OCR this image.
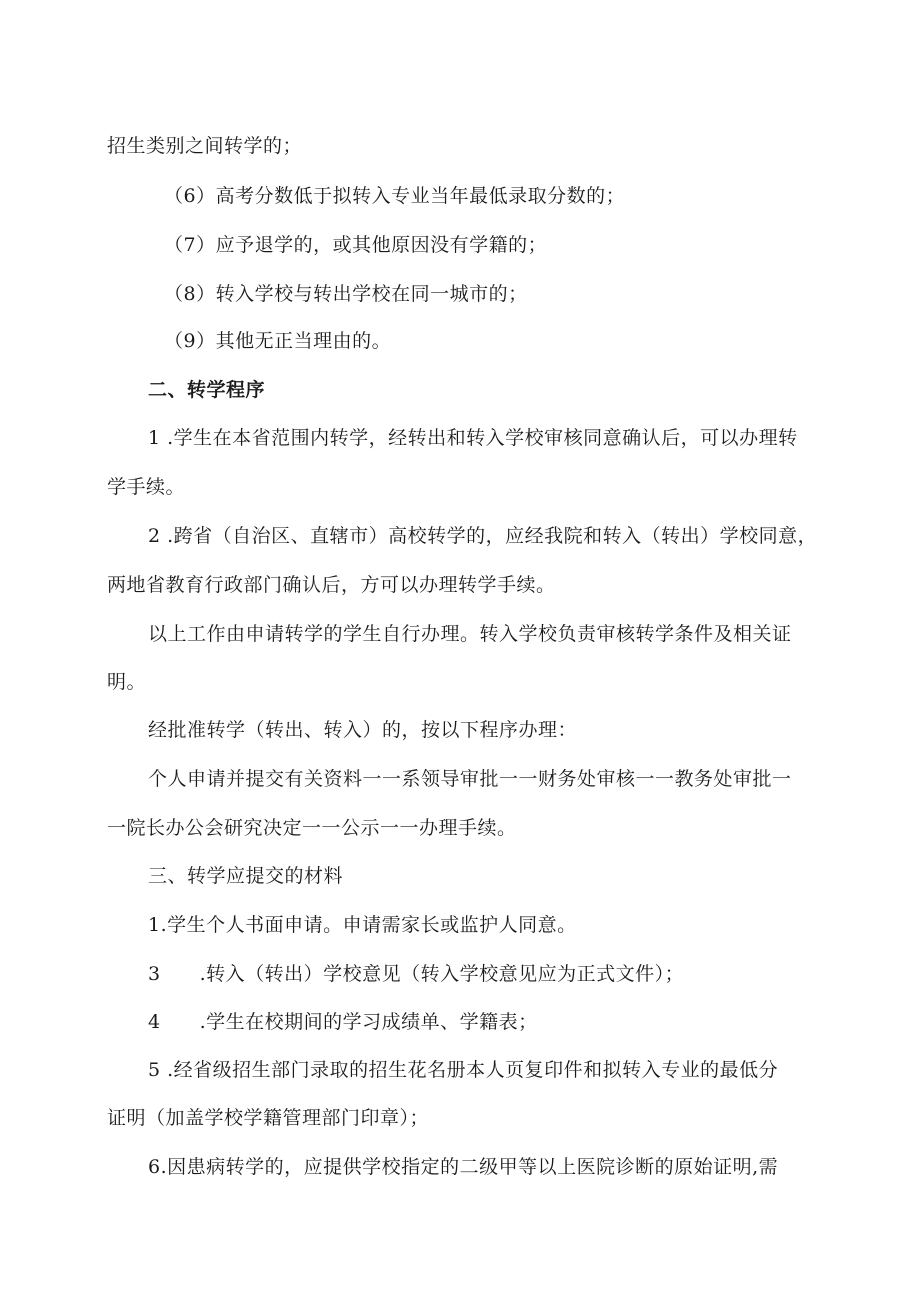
招生类别之间转学的；
（6）高考分数低于拟转入专业当年最低录取分数的；
（7）应予退学的，或其他原因没有学籍的；
（8）转入学校与转出学校在同一城市的；
（9）其他无正当理由的。
二、转学程序
1 .学生在本省范围内转学，经转出和转入学校审核同意确认后，可以办理转
学手续。
2 .跨省（自治区、直辖市）高校转学的，应经我院和转入（转出）学校同意，
两地省教育行政部门确认后，方可以办理转学手续。
以上工作由申请转学的学生自行办理。转入学校负责审核转学条件及相关证
明。
经批准转学（转出、转入）的，按以下程序办理：
个人申请并提交有关资料一一系领导审批一一财务处审核一一教务处审批一
一院长办公会研究决定一一公示一一办理手续。
三、转学应提交的材料
1.学生个人书面申请。申请需家长或监护人同意。
3　　.转入（转出）学校意见（转入学校意见应为正式文件）；
4　　.学生在校期间的学习成绩单、学籍表；
5 .经省级招生部门录取的招生花名册本人页复印件和拟转入专业的最低分
证明（加盖学校学籍管理部门印章）；
6.因患病转学的，应提供学校指定的二级甲等以上医院诊断的原始证明,需
